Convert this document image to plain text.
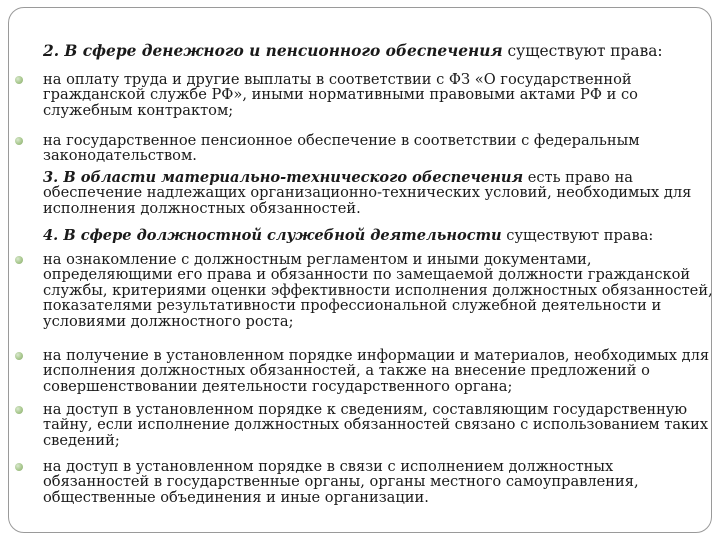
2. В сфере денежного и пенсионного обеспечения существуют права:
на оплату труда и другие выплаты в соответствии с ФЗ «О государственной гражданской службе РФ», иными нормативными правовыми актами РФ и со служебным контрактом;
на государственное пенсионное обеспечение в соответствии с федеральным законодательством.
3. В области материально-технического обеспечения есть право на обеспечение надлежащих организационно-технических условий, необходимых для исполнения должностных обязанностей.
4. В сфере должностной служебной деятельности существуют права:
на ознакомление с должностным регламентом и иными документами, определяющими его права и обязанности по замещаемой должности гражданской службы, критериями оценки эффективности исполнения должностных обязанностей, показателями результативности профессиональной служебной деятельности и условиями должностного роста;
на получение в установленном порядке информации и материалов, необходимых для исполнения должностных обязанностей, а также на внесение предложений о совершенствовании деятельности государственного органа;
на доступ в установленном порядке к сведениям, составляющим государственную тайну, если исполнение должностных обязанностей связано с использованием таких сведений;
на доступ в установленном порядке в связи с исполнением должностных обязанностей в государственные органы, органы местного самоуправления, общественные объединения и иные организации.
